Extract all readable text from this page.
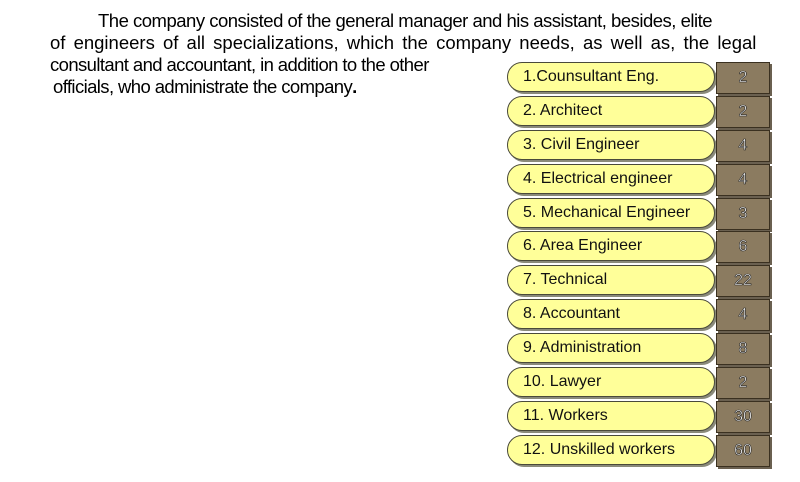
The company consisted of the general manager and his assistant, besides, elite
of engineers of all specializations, which the company needs, as well as, the legal
consultant and accountant, in addition to the other
officials, who administrate the company.	1.Counsultant Eng.	2
2. Architect	2
3. Civil Engineer	4
4. Electrical engineer	4
5. Mechanical Engineer	3
6. Area Engineer	6
7. Technical	22
8. Accountant	4
9. Administration	8
10. Lawyer	2
11. Workers	30
12. Unskilled workers	60
